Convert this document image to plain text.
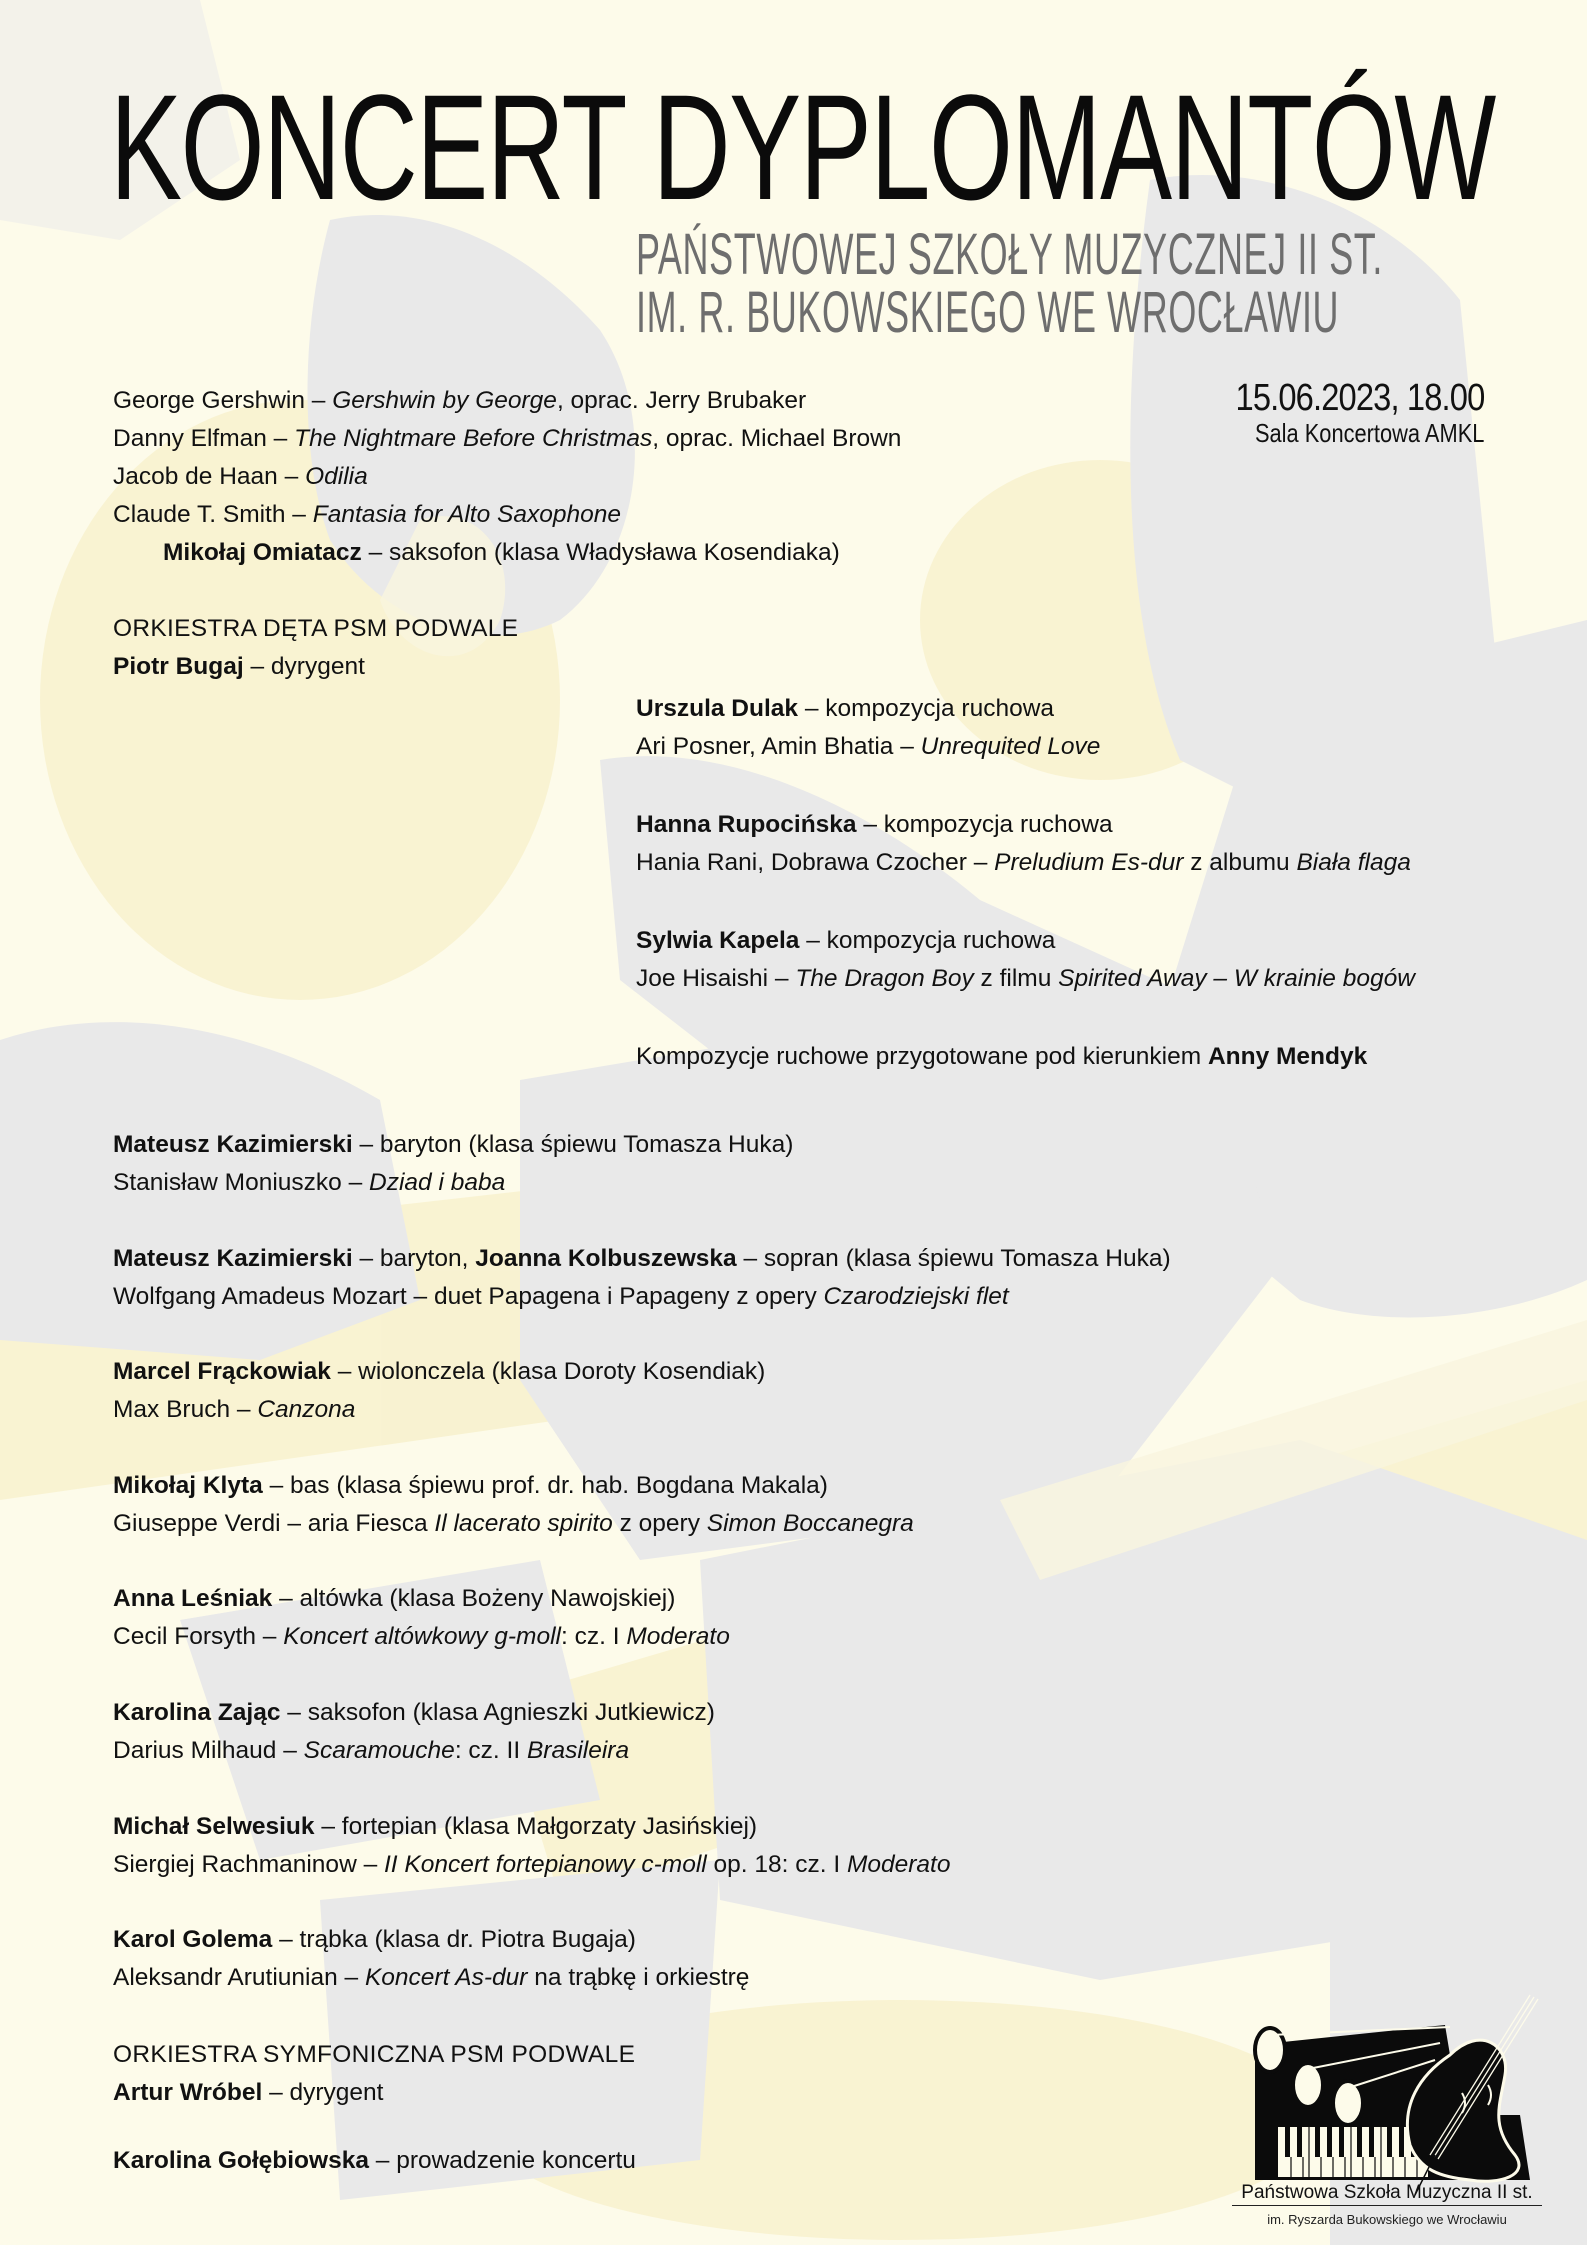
KONCERT DYPLOMANTÓW
PAŃSTWOWEJ SZKOŁY MUZYCZNEJ II ST.
IM. R. BUKOWSKIEGO WE WROCŁAWIU
15.06.2023, 18.00
Sala Koncertowa AMKL
George Gershwin – Gershwin by George, oprac. Jerry Brubaker
Danny Elfman – The Nightmare Before Christmas, oprac. Michael Brown
Jacob de Haan – Odilia
Claude T. Smith – Fantasia for Alto Saxophone
Mikołaj Omiatacz – saksofon (klasa Władysława Kosendiaka)
ORKIESTRA DĘTA PSM PODWALE
Piotr Bugaj – dyrygent
Urszula Dulak – kompozycja ruchowa
Ari Posner, Amin Bhatia – Unrequited Love
Hanna Rupocińska – kompozycja ruchowa
Hania Rani, Dobrawa Czocher – Preludium Es-dur z albumu Biała flaga
Sylwia Kapela – kompozycja ruchowa
Joe Hisaishi – The Dragon Boy z filmu Spirited Away – W krainie bogów
Kompozycje ruchowe przygotowane pod kierunkiem Anny Mendyk
Mateusz Kazimierski – baryton (klasa śpiewu Tomasza Huka)
Stanisław Moniuszko – Dziad i baba
Mateusz Kazimierski – baryton, Joanna Kolbuszewska – sopran (klasa śpiewu Tomasza Huka)
Wolfgang Amadeus Mozart – duet Papagena i Papageny z opery Czarodziejski flet
Marcel Frąckowiak – wiolonczela (klasa Doroty Kosendiak)
Max Bruch – Canzona
Mikołaj Klyta – bas (klasa śpiewu prof. dr. hab. Bogdana Makala)
Giuseppe Verdi – aria Fiesca Il lacerato spirito z opery Simon Boccanegra
Anna Leśniak – altówka (klasa Bożeny Nawojskiej)
Cecil Forsyth – Koncert altówkowy g-moll: cz. I Moderato
Karolina Zając – saksofon (klasa Agnieszki Jutkiewicz)
Darius Milhaud – Scaramouche: cz. II Brasileira
Michał Selwesiuk – fortepian (klasa Małgorzaty Jasińskiej)
Siergiej Rachmaninow – II Koncert fortepianowy c-moll op. 18: cz. I Moderato
Karol Golema – trąbka (klasa dr. Piotra Bugaja)
Aleksandr Arutiunian – Koncert As-dur na trąbkę i orkiestrę
ORKIESTRA SYMFONICZNA PSM PODWALE
Artur Wróbel – dyrygent
Karolina Gołębiowska – prowadzenie koncertu
Państwowa Szkoła Muzyczna II st.
im. Ryszarda Bukowskiego we Wrocławiu
